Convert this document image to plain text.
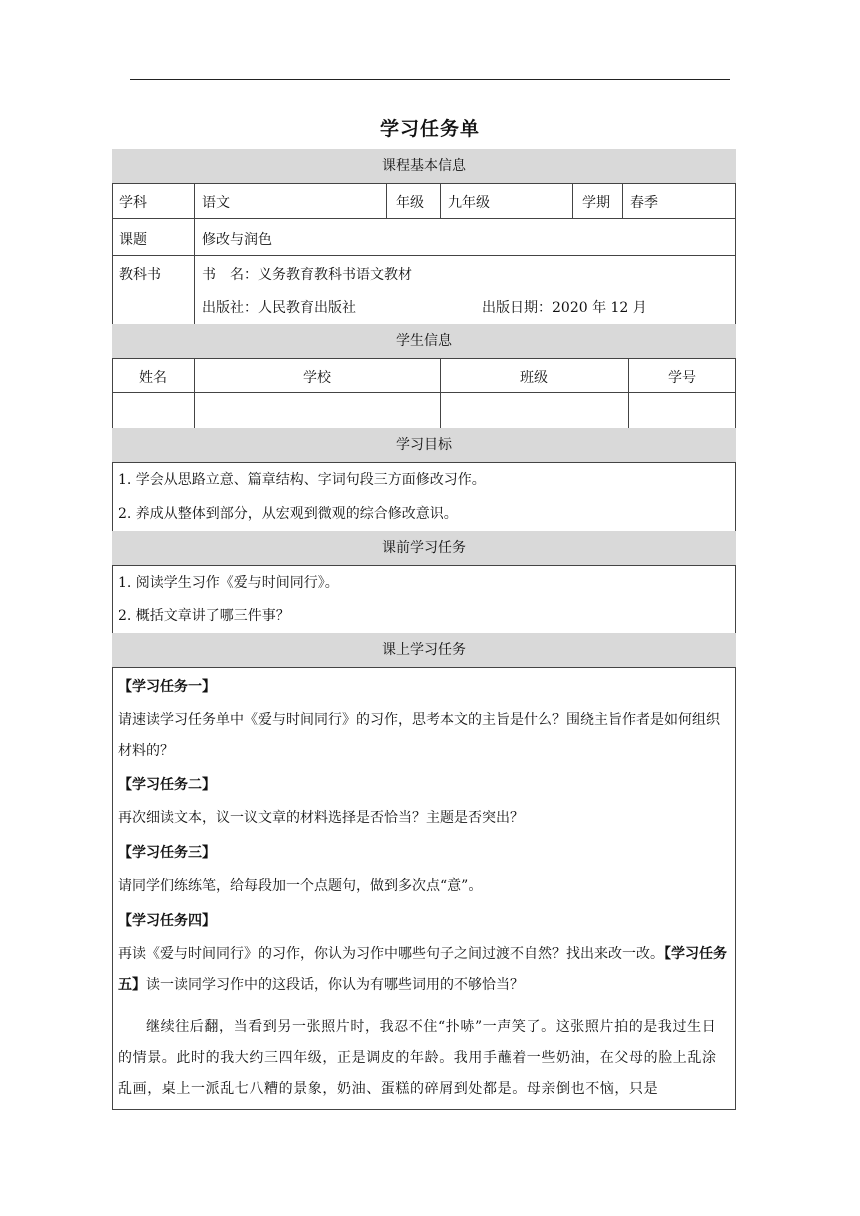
学习任务单
课程基本信息
学科	语文	年级 九年级	学期 春季
课题	修改与润色
教科书	书　名：义务教育教科书语文教材
出版社：人民教育出版社	出版日期：2020 年 12 月
学生信息
姓名	学校	班级	学号
学习目标
1. 学会从思路立意、篇章结构、字词句段三方面修改习作。
2. 养成从整体到部分，从宏观到微观的综合修改意识。
课前学习任务
1. 阅读学生习作《爱与时间同行》。
2. 概括文章讲了哪三件事？
课上学习任务
【学习任务一】
请速读学习任务单中《爱与时间同行》的习作，思考本文的主旨是什么？围绕主旨作者是如何组织材料的？
【学习任务二】
再次细读文本，议一议文章的材料选择是否恰当？主题是否突出？
【学习任务三】
请同学们练练笔，给每段加一个点题句，做到多次点“意”。
【学习任务四】
再读《爱与时间同行》的习作，你认为习作中哪些句子之间过渡不自然？找出来改一改。【学习任务五】读一读同学习作中的这段话，你认为有哪些词用的不够恰当？
继续往后翻，当看到另一张照片时，我忍不住“扑哧”一声笑了。这张照片拍的是我过生日的情景。此时的我大约三四年级，正是调皮的年龄。我用手蘸着一些奶油，在父母的脸上乱涂乱画，桌上一派乱七八糟的景象，奶油、蛋糕的碎屑到处都是。母亲倒也不恼，只是
